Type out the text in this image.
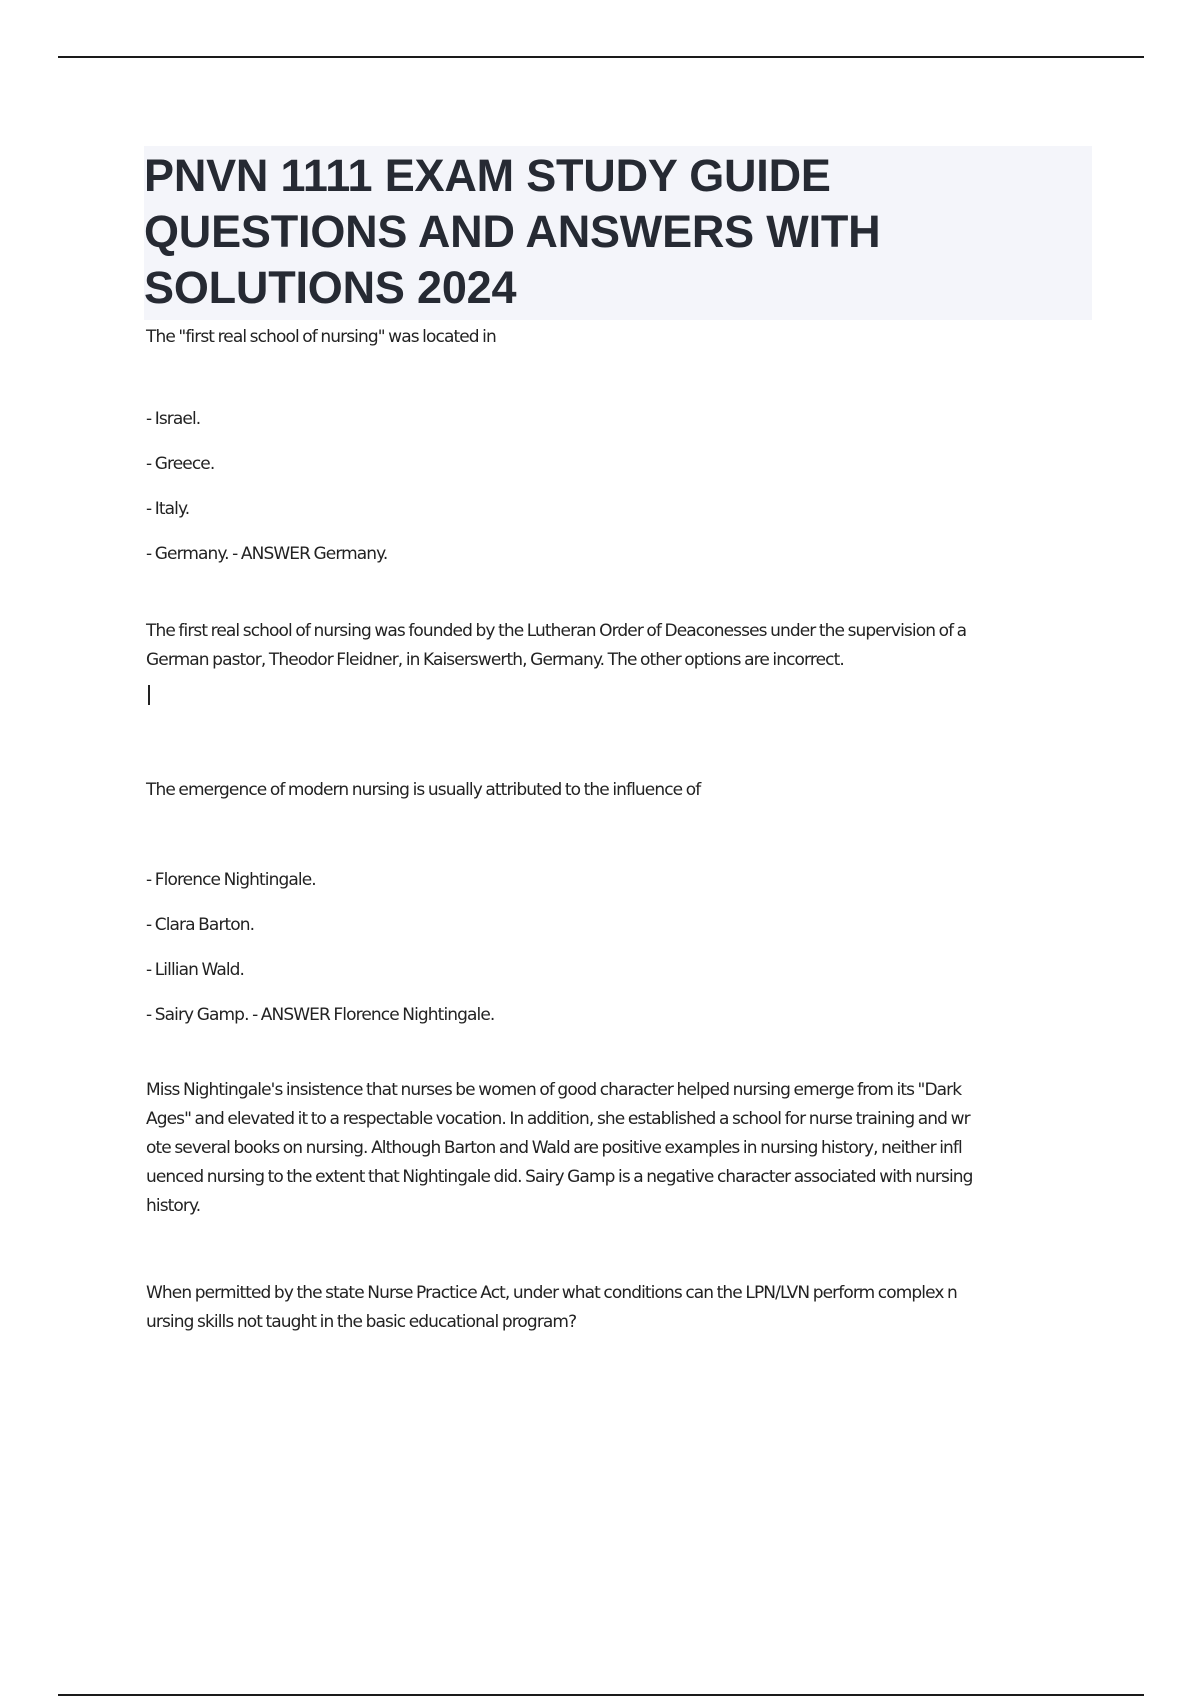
PNVN 1111 EXAM STUDY GUIDE
QUESTIONS AND ANSWERS WITH
SOLUTIONS 2024

The "first real school of nursing" was located in

- Israel.
- Greece.
- Italy.
- Germany. - ANSWER Germany.
The first real school of nursing was founded by the Lutheran Order of Deaconesses under the supervision of a
German pastor, Theodor Fleidner, in Kaiserswerth, Germany. The other options are incorrect.

The emergence of modern nursing is usually attributed to the influence of

- Florence Nightingale.
- Clara Barton.
- Lillian Wald.
- Sairy Gamp. - ANSWER Florence Nightingale.
Miss Nightingale's insistence that nurses be women of good character helped nursing emerge from its "Dark
Ages" and elevated it to a respectable vocation. In addition, she established a school for nurse training and wr
ote several books on nursing. Although Barton and Wald are positive examples in nursing history, neither infl
uenced nursing to the extent that Nightingale did. Sairy Gamp is a negative character associated with nursing
history.
When permitted by the state Nurse Practice Act, under what conditions can the LPN/LVN perform complex n
ursing skills not taught in the basic educational program?
